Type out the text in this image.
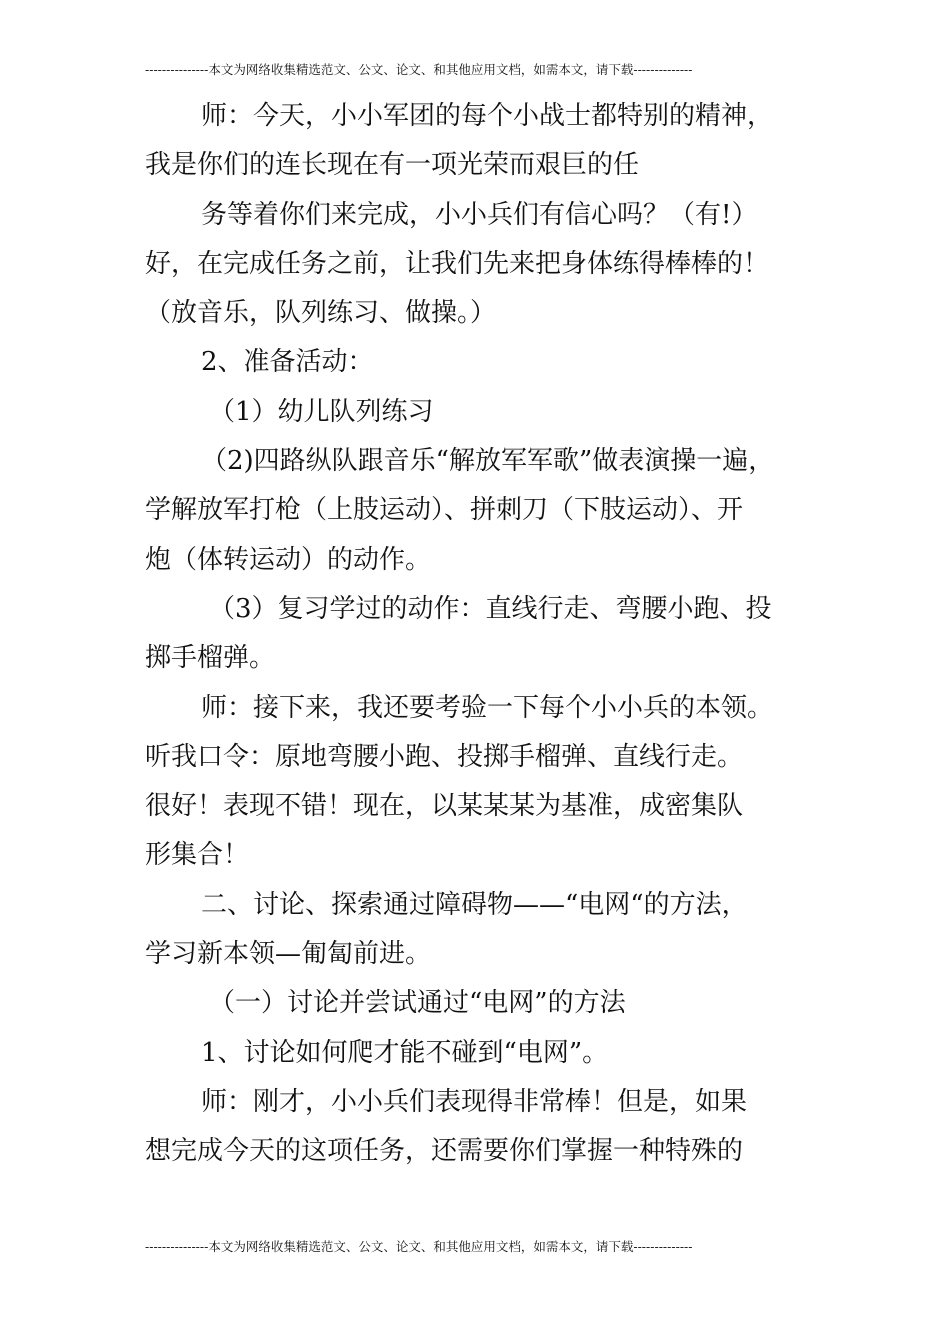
---------------本文为网络收集精选范文、公文、论文、和其他应用文档，如需本文，请下载--------------
师：今天，小小军团的每个小战士都特别的精神，
我是你们的连长现在有一项光荣而艰巨的任
务等着你们来完成，小小兵们有信心吗？（有!）
好，在完成任务之前，让我们先来把身体练得棒棒的！
（放音乐，队列练习、做操。）
2、准备活动：
（1）幼儿队列练习
（2)四路纵队跟音乐“解放军军歌”做表演操一遍，
学解放军打枪（上肢运动）、拼刺刀（下肢运动）、开
炮（体转运动）的动作。
（3）复习学过的动作：直线行走、弯腰小跑、投
掷手榴弹。
师：接下来，我还要考验一下每个小小兵的本领。
听我口令：原地弯腰小跑、投掷手榴弹、直线行走。
很好！表现不错！现在，以某某某为基准，成密集队
形集合！
二、讨论、探索通过障碍物——“电网“的方法，
学习新本领—匍匐前进。
（一）讨论并尝试通过“电网”的方法
1、讨论如何爬才能不碰到“电网”。
师：刚才，小小兵们表现得非常棒！但是，如果
想完成今天的这项任务，还需要你们掌握一种特殊的
---------------本文为网络收集精选范文、公文、论文、和其他应用文档，如需本文，请下载--------------
